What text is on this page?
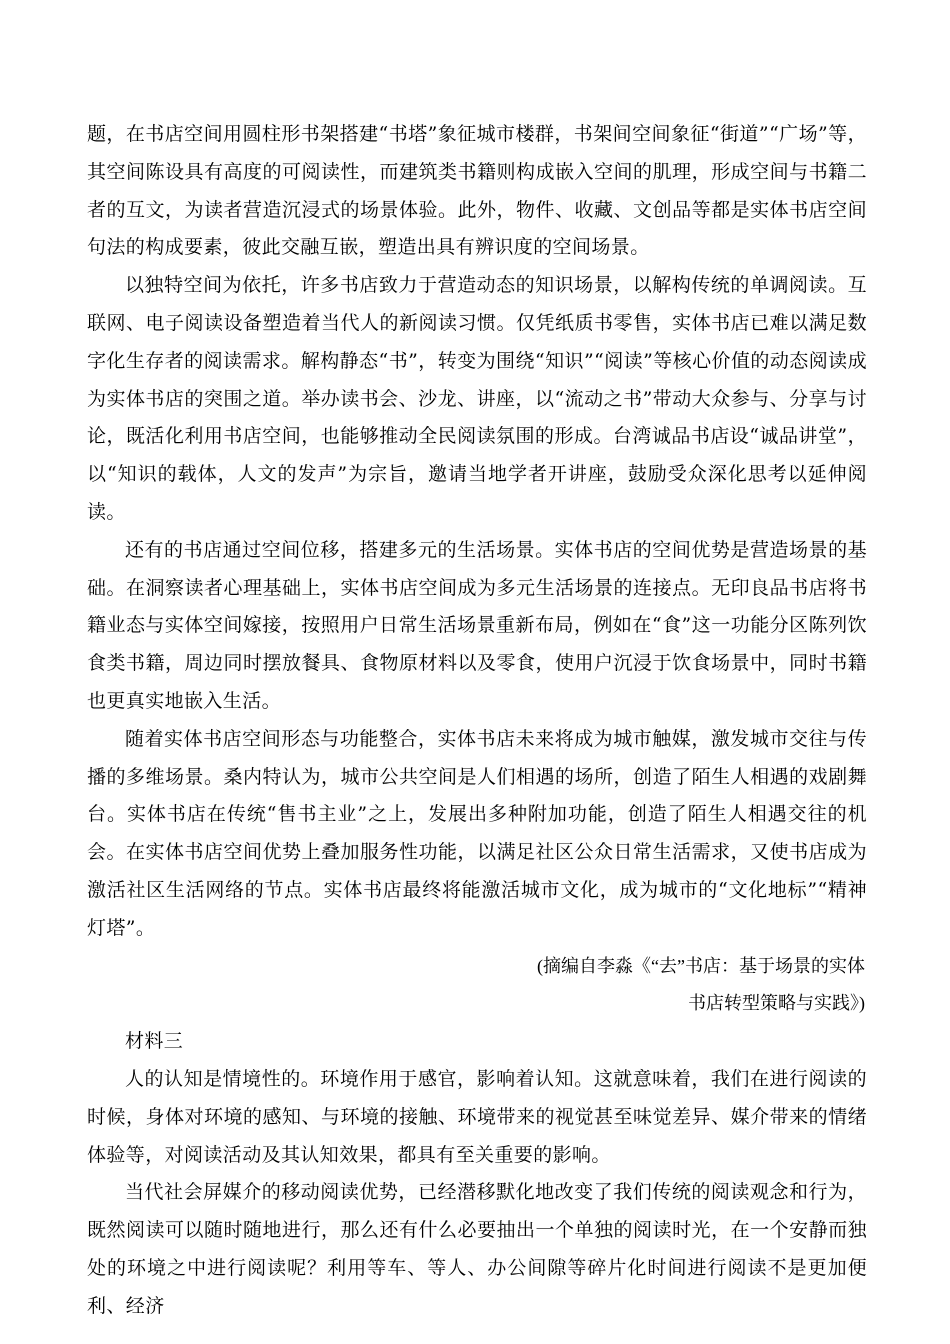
题，在书店空间用圆柱形书架搭建“书塔”象征城市楼群，书架间空间象征“街道”“广场”等，其空间陈设具有高度的可阅读性，而建筑类书籍则构成嵌入空间的肌理，形成空间与书籍二者的互文，为读者营造沉浸式的场景体验。此外，物件、收藏、文创品等都是实体书店空间句法的构成要素，彼此交融互嵌，塑造出具有辨识度的空间场景。

以独特空间为依托，许多书店致力于营造动态的知识场景，以解构传统的单调阅读。互联网、电子阅读设备塑造着当代人的新阅读习惯。仅凭纸质书零售，实体书店已难以满足数字化生存者的阅读需求。解构静态“书”，转变为围绕“知识”“阅读”等核心价值的动态阅读成为实体书店的突围之道。举办读书会、沙龙、讲座，以“流动之书”带动大众参与、分享与讨论，既活化利用书店空间，也能够推动全民阅读氛围的形成。台湾诚品书店设“诚品讲堂”，以“知识的载体，人文的发声”为宗旨，邀请当地学者开讲座，鼓励受众深化思考以延伸阅读。

还有的书店通过空间位移，搭建多元的生活场景。实体书店的空间优势是营造场景的基础。在洞察读者心理基础上，实体书店空间成为多元生活场景的连接点。无印良品书店将书籍业态与实体空间嫁接，按照用户日常生活场景重新布局，例如在“食”这一功能分区陈列饮食类书籍，周边同时摆放餐具、食物原材料以及零食，使用户沉浸于饮食场景中，同时书籍也更真实地嵌入生活。

随着实体书店空间形态与功能整合，实体书店未来将成为城市触媒，激发城市交往与传播的多维场景。桑内特认为，城市公共空间是人们相遇的场所，创造了陌生人相遇的戏剧舞台。实体书店在传统“售书主业”之上，发展出多种附加功能，创造了陌生人相遇交往的机会。在实体书店空间优势上叠加服务性功能，以满足社区公众日常生活需求，又使书店成为激活社区生活网络的节点。实体书店最终将能激活城市文化，成为城市的“文化地标”“精神灯塔”。

(摘编自李淼《“去”书店：基于场景的实体

书店转型策略与实践》)

材料三

人的认知是情境性的。环境作用于感官，影响着认知。这就意味着，我们在进行阅读的时候，身体对环境的感知、与环境的接触、环境带来的视觉甚至味觉差异、媒介带来的情绪体验等，对阅读活动及其认知效果，都具有至关重要的影响。

当代社会屏媒介的移动阅读优势，已经潜移默化地改变了我们传统的阅读观念和行为，既然阅读可以随时随地进行，那么还有什么必要抽出一个单独的阅读时光，在一个安静而独处的环境之中进行阅读呢？利用等车、等人、办公间隙等碎片化时间进行阅读不是更加便利、经济
